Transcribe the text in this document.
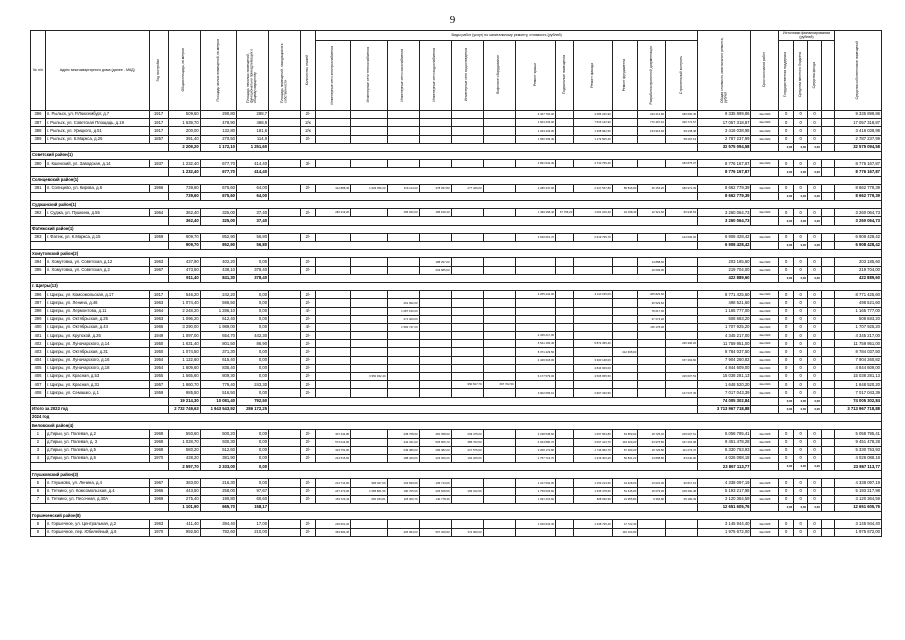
9
№ п/п	Адрес многоквартирного дома (далее - МКД)	Год постройки	Общая площадь, кв.метров	Площадь жилых помещений, кв.метров	Площадь нежилых помещений, функционально принадлежащих к общему имуществу	Площадь помещений, находящихся в собственности	Количество этажей	Виды работ (услуг) по капитальному ремонту, стоимость (рублей)												Общая стоимость капитального ремонта, рублей	Срок окончания работ	Источники финансирования (рублей)				Средства собственников помещений
								Инженерные сети электроснабжения	Инженерные сети теплоснабжения	Инженерные сети газоснабжения	Инженерные сети водоснабжения	Инженерные сети водоотведения	Лифтовое оборудование	Ремонт крыши	Подвальные помещения	Ремонт фасада	Ремонт фундамента	Разработка проектной документации	Строительный контроль			Государственная поддержка	Средства местного бюджета	Средства фонда		
386	п. Рыльск, ул. Р.Люксембург, д.7	1917	509,60	290,80	288,7		2/-							4 427 703,00		4 286 240,90		423 212,80	186 690,45	9 335 899,86	4кв.2024	0	0	0		9 335 899,86
387	г. Рыльск, ул. Советская Площадь, д.19	1917	1 639,70	478,90	468,9		2/к							1 604 433,00		7 523 142,90		772 497,10	346 774,57	17 057 318,87	4кв.2024	0	0	0		17 057 318,87
388	г. Рыльск, ул. Урицкого, д.51	1917	200,00	132,80	181,6		2/к							1 934 433,00		1 368 962,50		154 915,60	69 238,48	3 416 038,98	4кв.2024	0	0	0		3 416 038,98
389	г. Рыльск, ул. К.Маркса, д.25	1857	391,40	270,50	114,9		2/-							1 550 335,40		1 179 505,40			58 297,19	2 787 237,99	4кв.2024	0	0	0		2 787 237,99
			2 209,20	1 172,10	1 251,60															32 575 094,58		0,00	0,00	0,00		32 575 094,58
Советский район(1)																										
390	п. Кшенский, ул. Заводская, д.14	1937	1 232,40	677,70	414,40		3/-							4 891 532,40		3 710 756,40			183 875,07	8 776 167,87	4кв.2024	0	0	0		8 776 167,87
			1 232,40	677,70	414,40															8 776 167,87		0,00	0,00	0,00		8 776 167,87
Солнцевский район(1)																										
391	п. Солнцево, ул. Кирова, д.6	1966	739,60	675,60	64,00		2/-	412 888,40	1 626 356,20	316 114,00	378 037,80	277 425,00		2 280 347,00		2 227 537,80	85 816,80	25 153,20	180 972,39	8 662 779,39	4кв.2024	0	0	0		8 662 779,39
			739,60	675,60	64,00															8 662 779,39		0,00	0,00	0,00		8 662 779,39
Суджанский район(1)																										
392	г. Суджа, ул. Пушкина, д.55	1964	362,40	325,00	37,40		2/-	282 219,20		155 032,00	185 196,40			1 499 468,40	67 765,20	1 091 106,40	42 038,40	12 321,60	66 946,53	3 260 064,73	4кв.2024	0	0	0		3 260 064,73
			362,40	325,00	37,40															3 260 064,73		0,00	0,00	0,00		3 260 064,73
Фатежский район(1)																										
393	г. Фатеж, ул. К.Маркса, д.15	1959	909,70	852,90	56,80		2/-							3 640 061,70		2 919 765,70			144 600,02	6 908 428,42	4кв.2024	0	0	0		6 908 428,42
			909,70	852,90	56,80															6 908 428,42		0,00	0,00	0,00		6 908 428,42
Хомутовский район(2)																										
394	п. Хомутовка, ул. Советская, д.12	1963	437,90	402,20	0,00		2/-				188 297,00							14 888,60		203 185,60	4кв.2024	0	0	0		203 185,60
395	п. Хомутовка, ул. Советская, д.2	1967	473,50	438,10	378,40		2/-				203 685,00							16 099,00		219 704,00	4кв.2024	0	0	0		219 704,00
			911,40	841,30	378,40															422 889,60		0,00	0,00	0,00		422 889,60
г. Щигры(13)																										
396	г. Щигры, ул. Комсомольская, д.17	1917	546,20	242,20	0,00		2/-							4 255 444,00		4 110 155,00		405 826,60		8 771 425,60	4кв.2024	0	0	0		8 771 425,60
397	г. Щигры, ул. Ленина, д.46	1963	1 074,40	596,50	0,00		2/-			461 992,00								36 529,60		498 521,60	4кв.2024	0	0	0		498 521,60
398	г. Щигры, ул. Лермонтова, д.11	1964	2 248,20	1 286,10	0,00		4/-			1 087 150,00								78 617,00		1 165 777,00	4кв.2024	0	0	0		1 165 777,00
399	г. Щигры, ул. Октябрьская, д.25	1963	1 096,20	612,40	0,00		2/-			471 409,00								37 274,20		508 683,20	4кв.2024	0	0	0		508 683,20
400	г. Щигры, ул. Октябрьская, д.44	1966	3 290,00	1 989,00	0,00		4/-			1 592 747,20								115 178,00		1 707 925,20	4кв.2024	0	0	0		1 707 925,20
401	г. Щигры, ул. Крупской, д.26	1949	1 097,00	654,70	442,30		2/-							4 345 217,00						4 345 217,00	4кв.2024	0	0	0		4 345 217,00
402	г. Щигры, ул. Луначарского, д.14	1950	1 631,40	801,50	86,90		2/-							5 541 165,46		5 872 365,40			246 396,20	11 759 951,00	4кв.2024	0	0	0		11 759 951,00
403	г. Щигры, ул. Октябрьская, д.31	1950	1 074,50	371,30	0,00		2/-							8 371 429,50			412 608,00			8 784 037,50	4кв.2024	0	0	0		8 784 037,50
404	г. Щигры, ул. Луначарского, д.16	1954	1 122,60	615,40	0,00		2/-							4 446 618,00		3 300 148,00			157 492,82	7 904 260,82	4кв.2024	0	0	0		7 904 260,82
405	г. Щигры, ул. Луначарского, д.18	1954	1 609,60	835,40	0,00		2/-									4 844 609,00				4 844 609,00	4кв.2024	0	0	0		4 844 609,00
406	г. Щигры, ул. Красная, д.53	1955	1 565,60	809,30	0,00		2/-		3 950 932,40					6 177 579,00		4 505 955,50			315 007,53	15 038 281,13	4кв.2024	0	0	0		15 038 281,13
407	г. Щигры, ул. Красная, д.31	1957	1 860,70	779,40	243,30		2/-					950 817,70	697 702,50							1 648 520,20	4кв.2024	0	0	0		1 648 520,20
408	г. Щигры, ул. Семашко, д.1	1959	985,50	516,50	0,00		2/-							3 902 665,10		2 967 340,50			147 037,39	7 017 043,39	4кв.2024	0	0	0		7 017 043,39
			19 214,30	10 081,40	792,50															74 005 302,84		0,00	0,00	0,00		74 005 302,84
Итого за 2023 год			2 732 749,63	1 943 543,92	286 172,25															3 713 967 718,88		0,00	0,00	0,00		3 713 967 718,88
2024 год																										
Беловский район(4)																										
1	д.Гирьи, ул. Полевая, д.2	1969	550,60	500,20	0,00		2/-	307 234,80		238 758,00	281 358,60	209 475,00		2 198 538,60		1 657 654,80	63 869,60	18 725,40	105 097,61	5 058 795,41	4кв.2025	0	0	0		5 058 795,41
2	д.Гирьи, ул. Полевая, д. 3	1969	1 028,70	930,30	0,00		2/-	574 014,60		442 341,00	525 665,70	385 762,50		4 024 880,70		3 097 413,70	119 329,20	34 975,80	197 291,08	9 451 478,28	4кв.2025	0	0	0		9 451 478,28
3	д.Гирьи, ул. Полевая, д.5	1969	580,20	512,60	0,00		2/-	323 751,60		249 486,00	296 482,20	217 575,00		2 266 172,80		1 746 962,70	67 303,20	19 726,80	111 274,70	5 330 753,93	4кв.2025	0	0	0		5 330 753,93
4	д.Гирьи, ул. Полевая, д.6	1970	438,20	381,90	0,00		2/-	244 515,60		188 426,00	223 920,20	164 325,00		1 757 713,70		1 319 403,29	50 831,20	14 898,80	84 040,90	4 026 088,18	4кв.2025	0	0	0		4 026 088,18
			2 597,70	2 333,00	0,00															23 867 113,77		0,00	0,00	0,00		23 867 113,77
Глушковский район(3)																										
5	п. Глушково, ул. Ленина, д.4	1967	383,00	216,30	0,00		2/-	213 714,00	965 027,00	164 690,00	195 713,00			1 317 002,00		1 153 213,50	44 428,00	13 022,00	90 817,19	4 338 097,19	4кв.2025	0	0	0		4 338 097,19
6	п. Теткино, ул. Комсомольская, д.4	1966	443,50	258,00	97,67		2/-	247 473,00	1 085 861,50	190 705,00	226 628,50	166 312,50		1 759 003,60		1 335 378,50	51 446,00	15 079,00	108 490,48	5 193 217,98	4кв.2025	0	0	0		5 193 217,98
7	п. Теткино, ул. Песочная, д.30А	1969	275,40	190,80	60,60		2/-	153 723,42	660 184,81	118 460,70	140 778,30			1 091 215,60		828 030,99	31 955,80	9 366,80	65 180,49	3 120 364,59	4кв.2025	0	0	0		3 120 364,59
			1 101,90	665,70	158,17															12 651 605,76		0,00	0,00	0,00		12 651 605,76
Горшеченский район(8)																										
8	п. Горшечное, ул. Центральная, д.2	1963	411,40	394,40	17,00		2/-	229 561,20						1 629 933,40		1 238 725,40	47 722,40			3 145 944,40	4кв.2025	0	0	0		3 145 944,40
9	п. Горшечное, пер. Юбилейный, д.6	1970	992,50	782,60	210,00		2/-	353 982,40		425 984,00	507 320,80	372 300,00					115 164,80			1 975 672,00	4кв.2025	0	0	0		1 975 672,00
